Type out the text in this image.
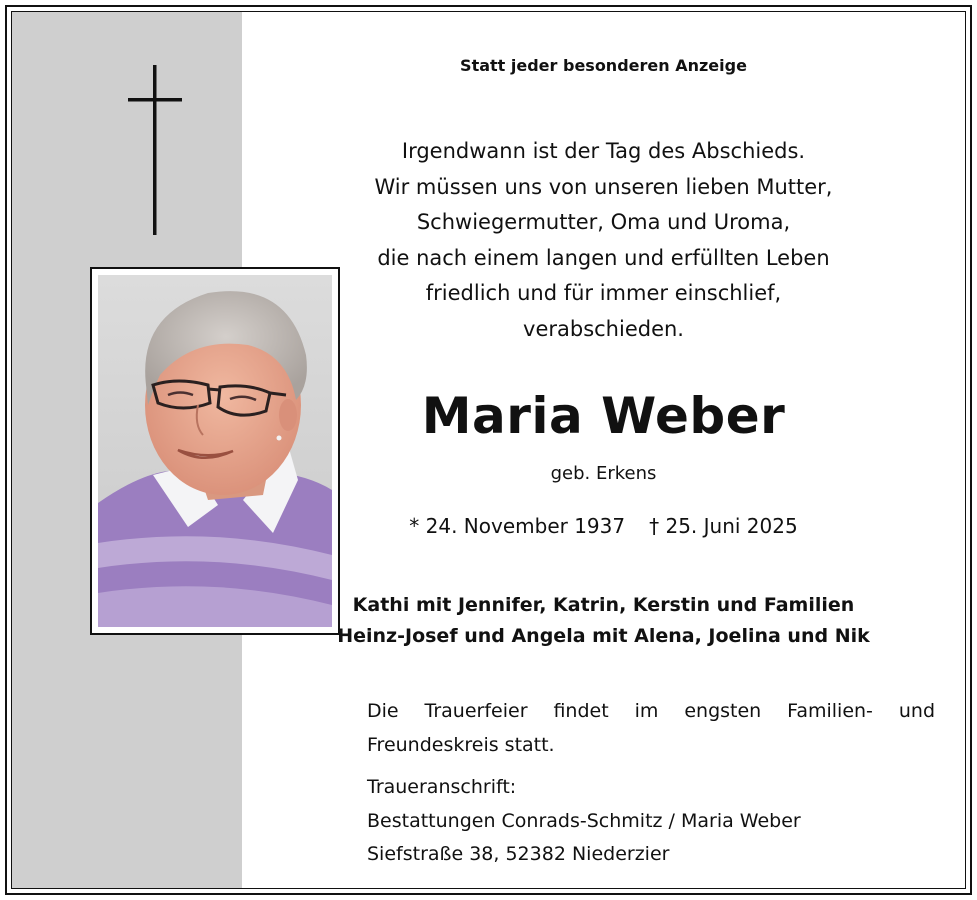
Statt jeder besonderen Anzeige
Irgendwann ist der Tag des Abschieds.
Wir müssen uns von unseren lieben Mutter,
Schwiegermutter, Oma und Uroma,
die nach einem langen und erfüllten Leben
friedlich und für immer einschlief,
verabschieden.
Maria Weber
geb. Erkens
* 24. November 1937 † 25. Juni 2025
Kathi mit Jennifer, Katrin, Kerstin und Familien
Heinz-Josef und Angela mit Alena, Joelina und Nik
Die Trauerfeier findet im engsten Familien- und Freundeskreis statt.
Traueranschrift:
Bestattungen Conrads-Schmitz / Maria Weber
Siefstraße 38, 52382 Niederzier
